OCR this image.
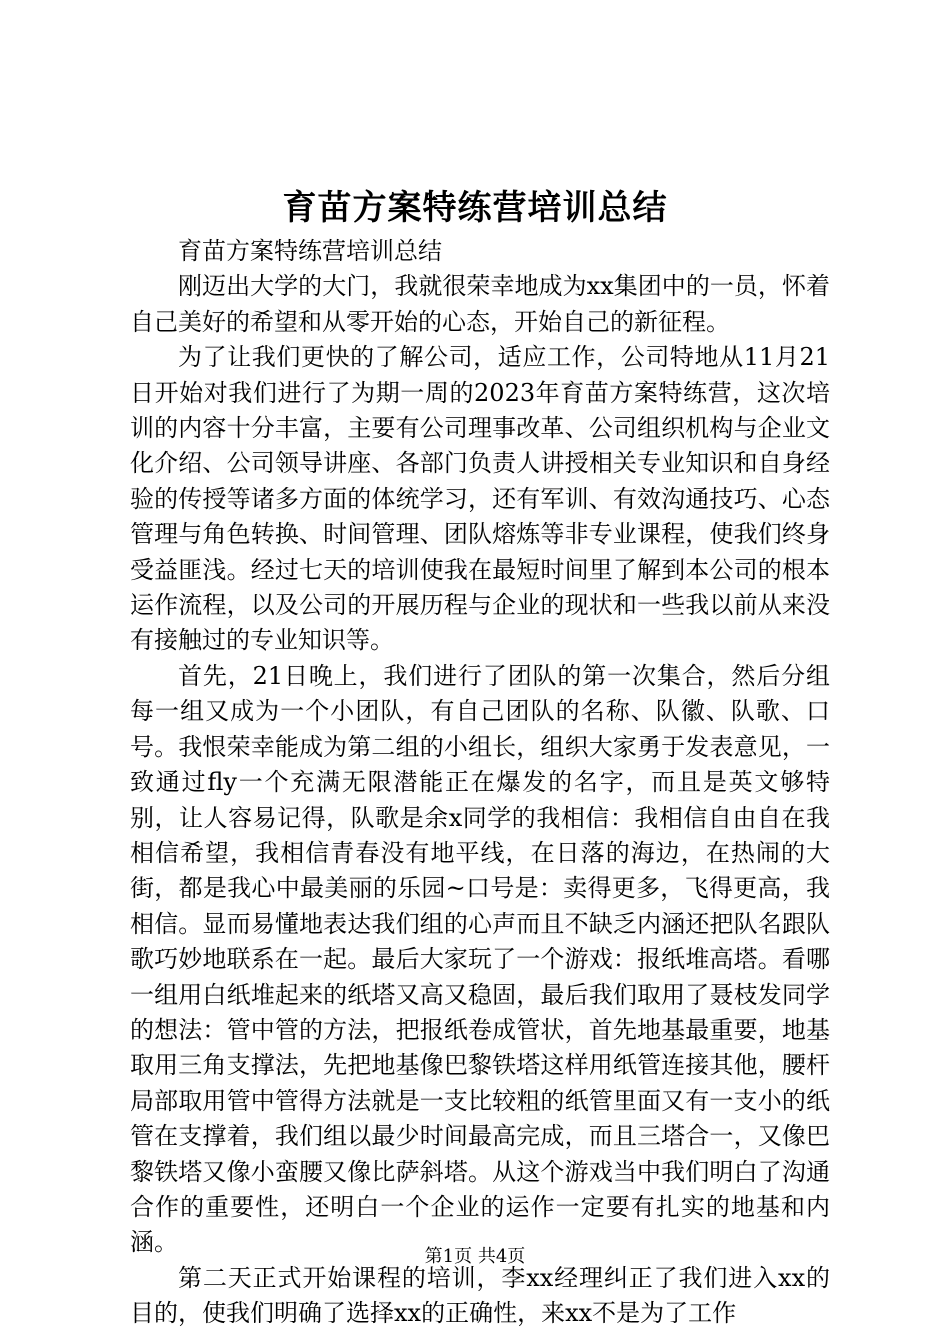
育苗方案特练营培训总结

育苗方案特练营培训总结

刚迈出大学的大门，我就很荣幸地成为xx集团中的一员，怀着自己美好的希望和从零开始的心态，开始自己的新征程。

为了让我们更快的了解公司，适应工作，公司特地从11月21日开始对我们进行了为期一周的2023年育苗方案特练营，这次培训的内容十分丰富，主要有公司理事改革、公司组织机构与企业文化介绍、公司领导讲座、各部门负责人讲授相关专业知识和自身经验的传授等诸多方面的体统学习，还有军训、有效沟通技巧、心态管理与角色转换、时间管理、团队熔炼等非专业课程，使我们终身受益匪浅。经过七天的培训使我在最短时间里了解到本公司的根本运作流程，以及公司的开展历程与企业的现状和一些我以前从来没有接触过的专业知识等。

首先，21日晚上，我们进行了团队的第一次集合，然后分组每一组又成为一个小团队，有自己团队的名称、队徽、队歌、口号。我恨荣幸能成为第二组的小组长，组织大家勇于发表意见，一致通过fly一个充满无限潜能正在爆发的名字，而且是英文够特别，让人容易记得，队歌是余x同学的我相信：我相信自由自在我相信希望，我相信青春没有地平线，在日落的海边，在热闹的大街，都是我心中最美丽的乐园~口号是：卖得更多，飞得更高，我相信。显而易懂地表达我们组的心声而且不缺乏内涵还把队名跟队歌巧妙地联系在一起。最后大家玩了一个游戏：报纸堆高塔。看哪一组用白纸堆起来的纸塔又高又稳固，最后我们取用了聂枝发同学的想法：管中管的方法，把报纸卷成管状，首先地基最重要，地基取用三角支撑法，先把地基像巴黎铁塔这样用纸管连接其他，腰杆局部取用管中管得方法就是一支比较粗的纸管里面又有一支小的纸管在支撑着，我们组以最少时间最高完成，而且三塔合一，又像巴黎铁塔又像小蛮腰又像比萨斜塔。从这个游戏当中我们明白了沟通合作的重要性，还明白一个企业的运作一定要有扎实的地基和内涵。

第二天正式开始课程的培训，李xx经理纠正了我们进入xx的目的，使我们明确了选择xx的正确性，来xx不是为了工作

第1页 共4页
